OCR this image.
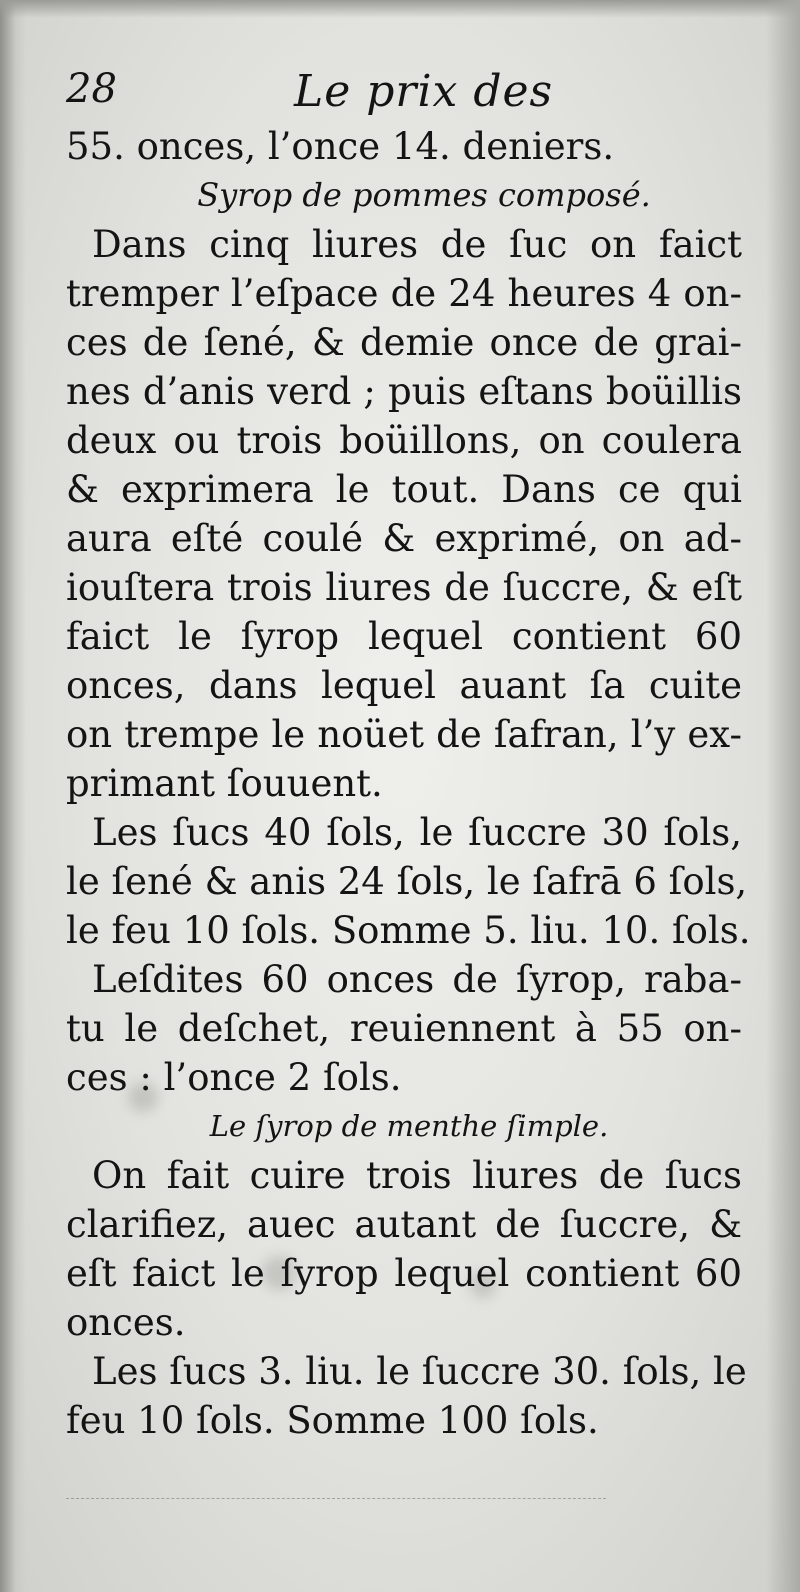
28	Le prix des
55. onces, l’once 14. deniers.
Syrop de pommes composé.
Dans cinq liures de ſuc on faict
tremper l’eſpace de 24 heures 4 on-
ces de ſené, & demie once de grai-
nes d’anis verd ; puis eſtans boüillis
deux ou trois boüillons, on coulera
& exprimera le tout. Dans ce qui
aura eſté coulé & exprimé, on ad-
iouſtera trois liures de ſuccre, & eſt
faict le ſyrop lequel contient 60
onces, dans lequel auant ſa cuite
on trempe le noüet de ſafran, l’y ex-
primant ſouuent.
Les ſucs 40 ſols, le ſuccre 30 ſols,
le ſené & anis 24 ſols, le ſafrā 6 ſols,
le feu 10 ſols. Somme 5. liu. 10. ſols.
Leſdites 60 onces de ſyrop, raba-
tu le deſchet, reuiennent à 55 on-
ces : l’once 2 ſols.
Le ſyrop de menthe ſimple.
On fait cuire trois liures de ſucs
clarifiez, auec autant de ſuccre, &
eſt faict le ſyrop lequel contient 60
onces.
Les ſucs 3. liu. le ſuccre 30. ſols, le
feu 10 ſols. Somme 100 ſols.
